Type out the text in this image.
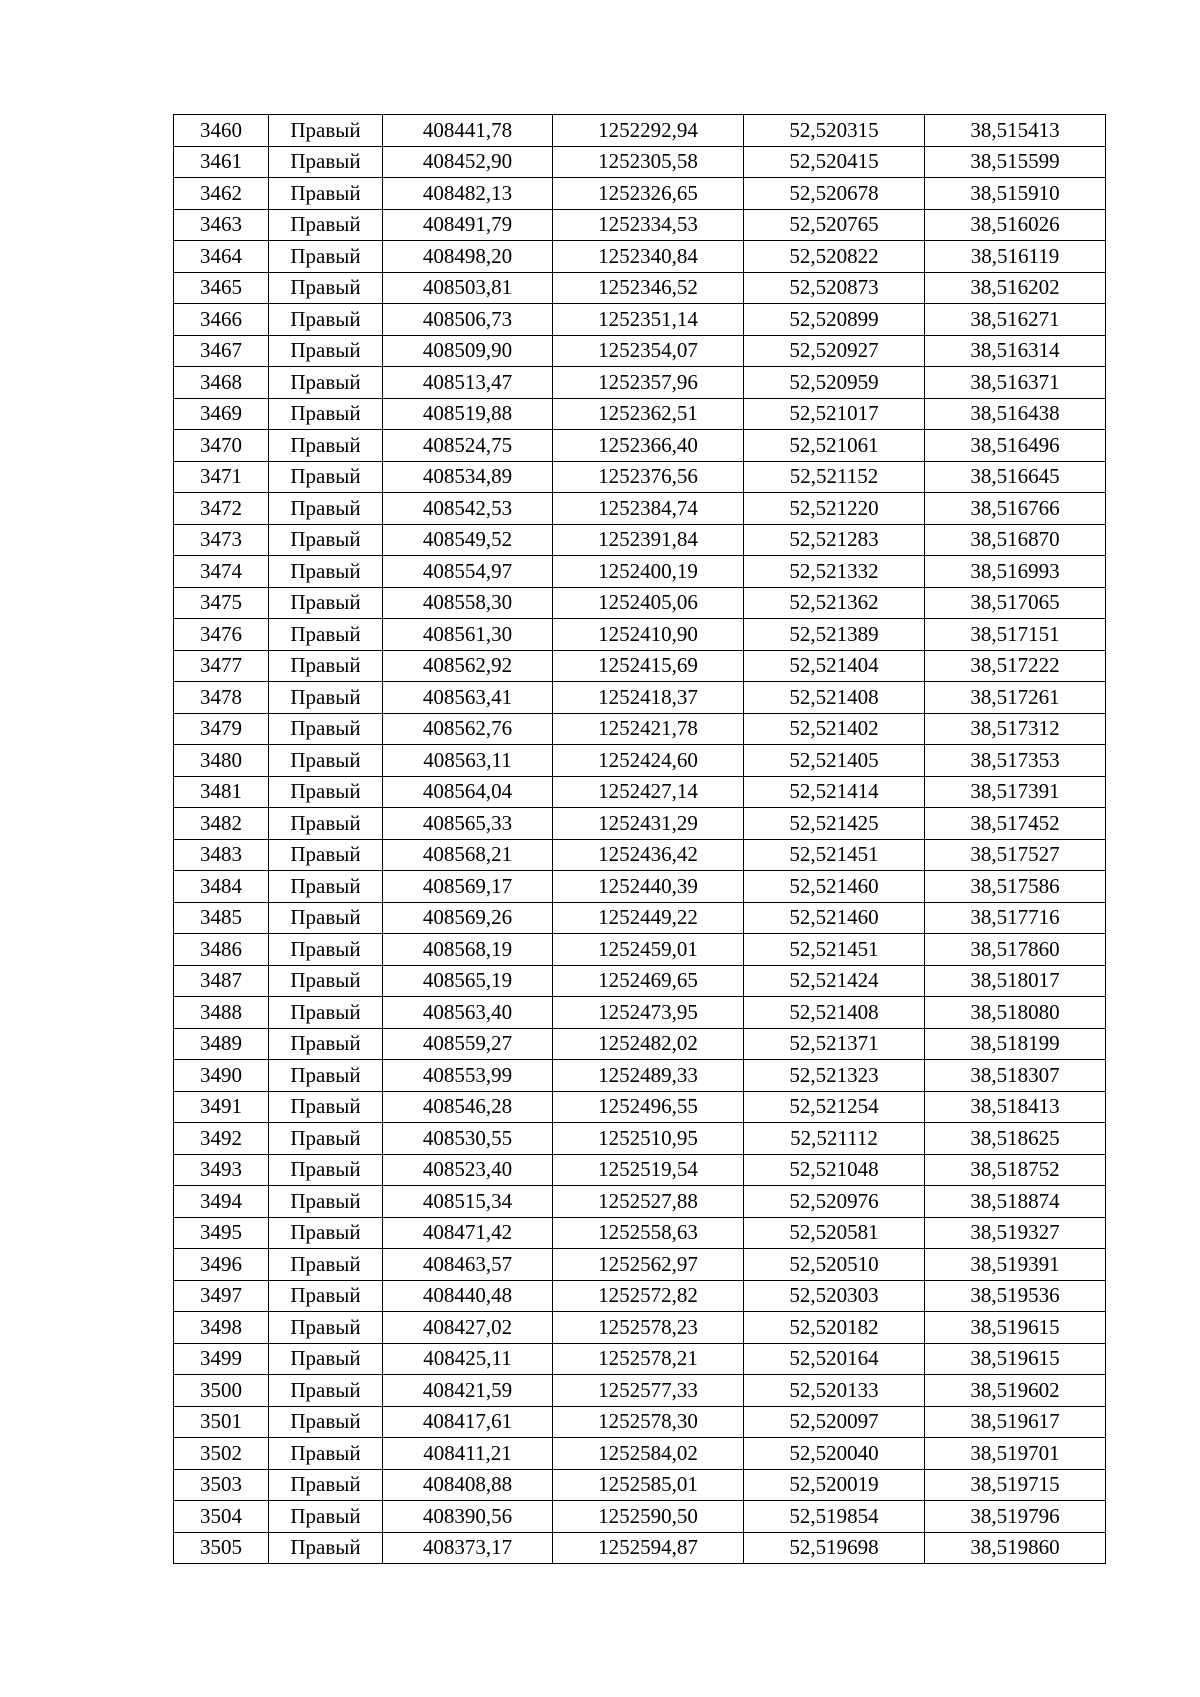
3460	Правый	408441,78	1252292,94	52,520315	38,515413
3461	Правый	408452,90	1252305,58	52,520415	38,515599
3462	Правый	408482,13	1252326,65	52,520678	38,515910
3463	Правый	408491,79	1252334,53	52,520765	38,516026
3464	Правый	408498,20	1252340,84	52,520822	38,516119
3465	Правый	408503,81	1252346,52	52,520873	38,516202
3466	Правый	408506,73	1252351,14	52,520899	38,516271
3467	Правый	408509,90	1252354,07	52,520927	38,516314
3468	Правый	408513,47	1252357,96	52,520959	38,516371
3469	Правый	408519,88	1252362,51	52,521017	38,516438
3470	Правый	408524,75	1252366,40	52,521061	38,516496
3471	Правый	408534,89	1252376,56	52,521152	38,516645
3472	Правый	408542,53	1252384,74	52,521220	38,516766
3473	Правый	408549,52	1252391,84	52,521283	38,516870
3474	Правый	408554,97	1252400,19	52,521332	38,516993
3475	Правый	408558,30	1252405,06	52,521362	38,517065
3476	Правый	408561,30	1252410,90	52,521389	38,517151
3477	Правый	408562,92	1252415,69	52,521404	38,517222
3478	Правый	408563,41	1252418,37	52,521408	38,517261
3479	Правый	408562,76	1252421,78	52,521402	38,517312
3480	Правый	408563,11	1252424,60	52,521405	38,517353
3481	Правый	408564,04	1252427,14	52,521414	38,517391
3482	Правый	408565,33	1252431,29	52,521425	38,517452
3483	Правый	408568,21	1252436,42	52,521451	38,517527
3484	Правый	408569,17	1252440,39	52,521460	38,517586
3485	Правый	408569,26	1252449,22	52,521460	38,517716
3486	Правый	408568,19	1252459,01	52,521451	38,517860
3487	Правый	408565,19	1252469,65	52,521424	38,518017
3488	Правый	408563,40	1252473,95	52,521408	38,518080
3489	Правый	408559,27	1252482,02	52,521371	38,518199
3490	Правый	408553,99	1252489,33	52,521323	38,518307
3491	Правый	408546,28	1252496,55	52,521254	38,518413
3492	Правый	408530,55	1252510,95	52,521112	38,518625
3493	Правый	408523,40	1252519,54	52,521048	38,518752
3494	Правый	408515,34	1252527,88	52,520976	38,518874
3495	Правый	408471,42	1252558,63	52,520581	38,519327
3496	Правый	408463,57	1252562,97	52,520510	38,519391
3497	Правый	408440,48	1252572,82	52,520303	38,519536
3498	Правый	408427,02	1252578,23	52,520182	38,519615
3499	Правый	408425,11	1252578,21	52,520164	38,519615
3500	Правый	408421,59	1252577,33	52,520133	38,519602
3501	Правый	408417,61	1252578,30	52,520097	38,519617
3502	Правый	408411,21	1252584,02	52,520040	38,519701
3503	Правый	408408,88	1252585,01	52,520019	38,519715
3504	Правый	408390,56	1252590,50	52,519854	38,519796
3505	Правый	408373,17	1252594,87	52,519698	38,519860
